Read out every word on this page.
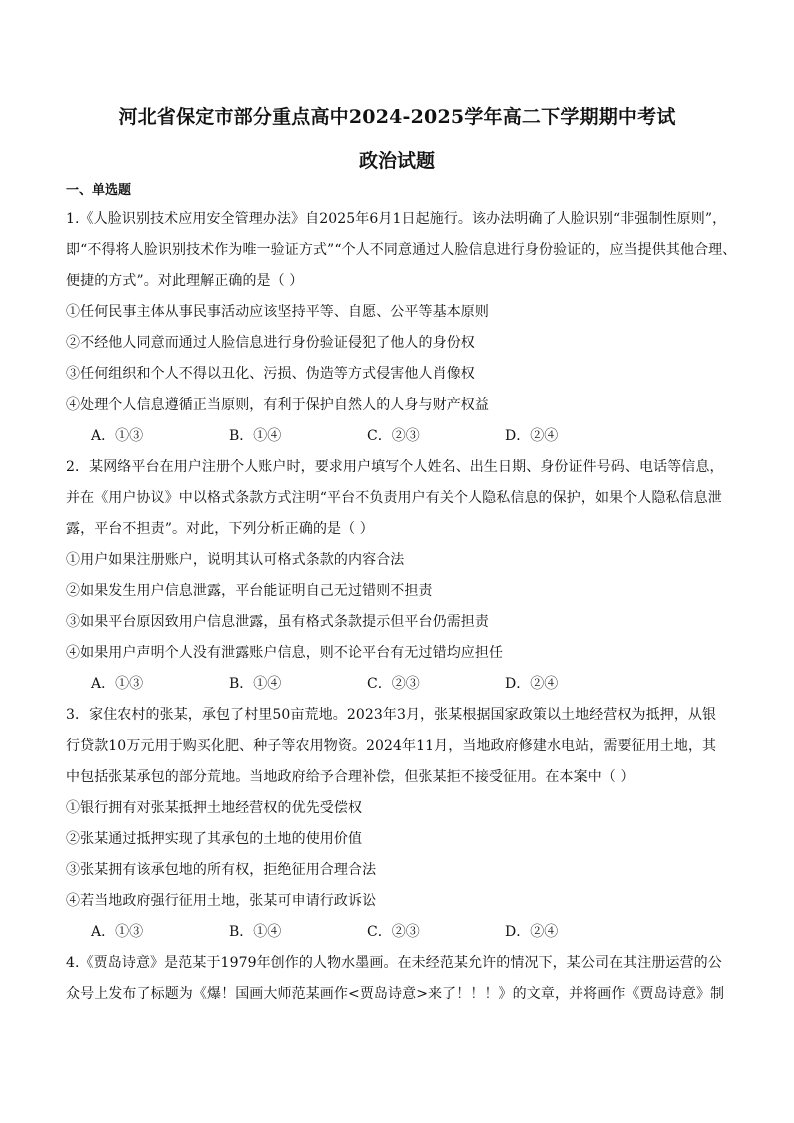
河北省保定市部分重点高中2024-2025学年高二下学期期中考试
政治试题
一、单选题
1.《人脸识别技术应用安全管理办法》自2025年6月1日起施行。该办法明确了人脸识别“非强制性原则”，
即“不得将人脸识别技术作为唯一验证方式”“个人不同意通过人脸信息进行身份验证的，应当提供其他合理、
便捷的方式”。对此理解正确的是（ ）
①任何民事主体从事民事活动应该坚持平等、自愿、公平等基本原则
②不经他人同意而通过人脸信息进行身份验证侵犯了他人的身份权
③任何组织和个人不得以丑化、污损、伪造等方式侵害他人肖像权
④处理个人信息遵循正当原则，有利于保护自然人的人身与财产权益
A．①③	B．①④	C．②③	D．②④
2．某网络平台在用户注册个人账户时，要求用户填写个人姓名、出生日期、身份证件号码、电话等信息，
并在《用户协议》中以格式条款方式注明“平台不负责用户有关个人隐私信息的保护，如果个人隐私信息泄
露，平台不担责”。对此，下列分析正确的是（ ）
①用户如果注册账户，说明其认可格式条款的内容合法
②如果发生用户信息泄露，平台能证明自己无过错则不担责
③如果平台原因致用户信息泄露，虽有格式条款提示但平台仍需担责
④如果用户声明个人没有泄露账户信息，则不论平台有无过错均应担任
A．①③	B．①④	C．②③	D．②④
3．家住农村的张某，承包了村里50亩荒地。2023年3月，张某根据国家政策以土地经营权为抵押，从银
行贷款10万元用于购买化肥、种子等农用物资。2024年11月，当地政府修建水电站，需要征用土地，其
中包括张某承包的部分荒地。当地政府给予合理补偿，但张某拒不接受征用。在本案中（ ）
①银行拥有对张某抵押土地经营权的优先受偿权
②张某通过抵押实现了其承包的土地的使用价值
③张某拥有该承包地的所有权，拒绝征用合理合法
④若当地政府强行征用土地，张某可申请行政诉讼
A．①③	B．①④	C．②③	D．②④
4.《贾岛诗意》是范某于1979年创作的人物水墨画。在未经范某允许的情况下，某公司在其注册运营的公
众号上发布了标题为《爆！国画大师范某画作<贾岛诗意>来了！！！》的文章，并将画作《贾岛诗意》制
